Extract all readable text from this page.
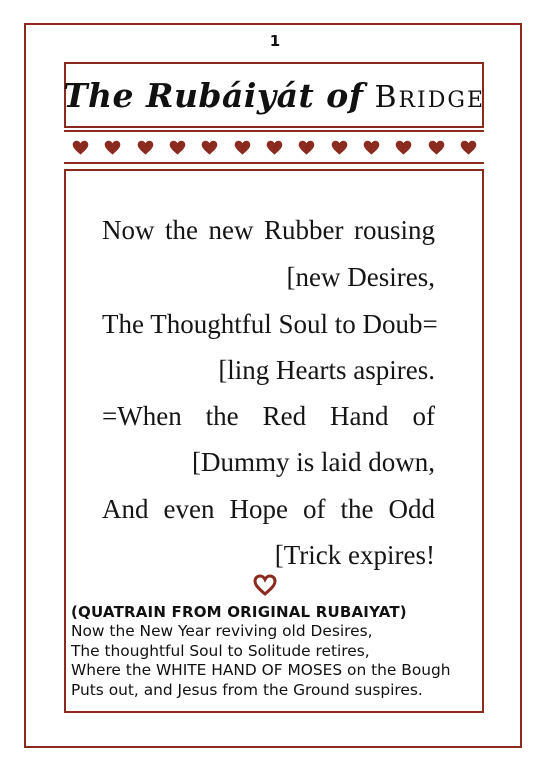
1
The Rubáiyát of BRIDGE
Now the new Rubber rousing
[new Desires,
The Thoughtful Soul to Doub=
[ling Hearts aspires.
=When the Red Hand of
[Dummy is laid down,
And even Hope of the Odd
[Trick expires!
(QUATRAIN FROM ORIGINAL RUBAIYAT)
Now the New Year reviving old Desires,
The thoughtful Soul to Solitude retires,
Where the WHITE HAND OF MOSES on the Bough
Puts out, and Jesus from the Ground suspires.
